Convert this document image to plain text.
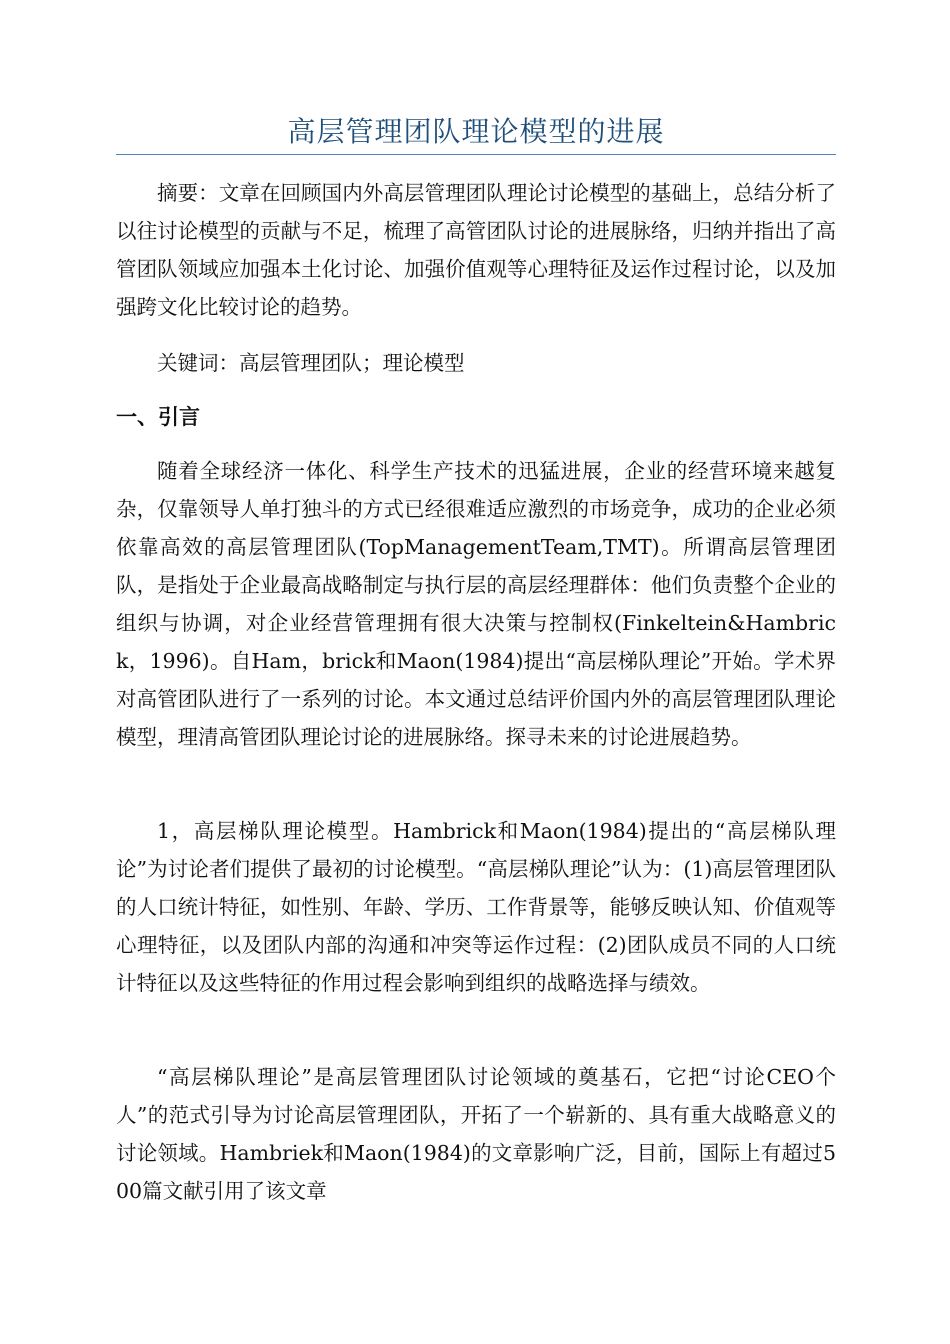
高层管理团队理论模型的进展

摘要：文章在回顾国内外高层管理团队理论讨论模型的基础上，总结分析了以往讨论模型的贡献与不足，梳理了高管团队讨论的进展脉络，归纳并指出了高管团队领域应加强本土化讨论、加强价值观等心理特征及运作过程讨论，以及加强跨文化比较讨论的趋势。

关键词：高层管理团队；理论模型

一、引言

随着全球经济一体化、科学生产技术的迅猛进展，企业的经营环境来越复杂，仅靠领导人单打独斗的方式已经很难适应激烈的市场竞争，成功的企业必须依靠高效的高层管理团队(TopManagementTeam,TMT)。所谓高层管理团队，是指处于企业最高战略制定与执行层的高层经理群体：他们负责整个企业的组织与协调，对企业经营管理拥有很大决策与控制权(Finkeltein&Hambrick，1996)。自Ham，brick和Maon(1984)提出“高层梯队理论”开始。学术界对高管团队进行了一系列的讨论。本文通过总结评价国内外的高层管理团队理论模型，理清高管团队理论讨论的进展脉络。探寻未来的讨论进展趋势。

1，高层梯队理论模型。Hambrick和Maon(1984)提出的“高层梯队理论”为讨论者们提供了最初的讨论模型。“高层梯队理论”认为：(1)高层管理团队的人口统计特征，如性别、年龄、学历、工作背景等，能够反映认知、价值观等心理特征，以及团队内部的沟通和冲突等运作过程：(2)团队成员不同的人口统计特征以及这些特征的作用过程会影响到组织的战略选择与绩效。

“高层梯队理论”是高层管理团队讨论领域的奠基石，它把“讨论CEO个人”的范式引导为讨论高层管理团队，开拓了一个崭新的、具有重大战略意义的讨论领域。Hambriek和Maon(1984)的文章影响广泛，目前，国际上有超过500篇文献引用了该文章
